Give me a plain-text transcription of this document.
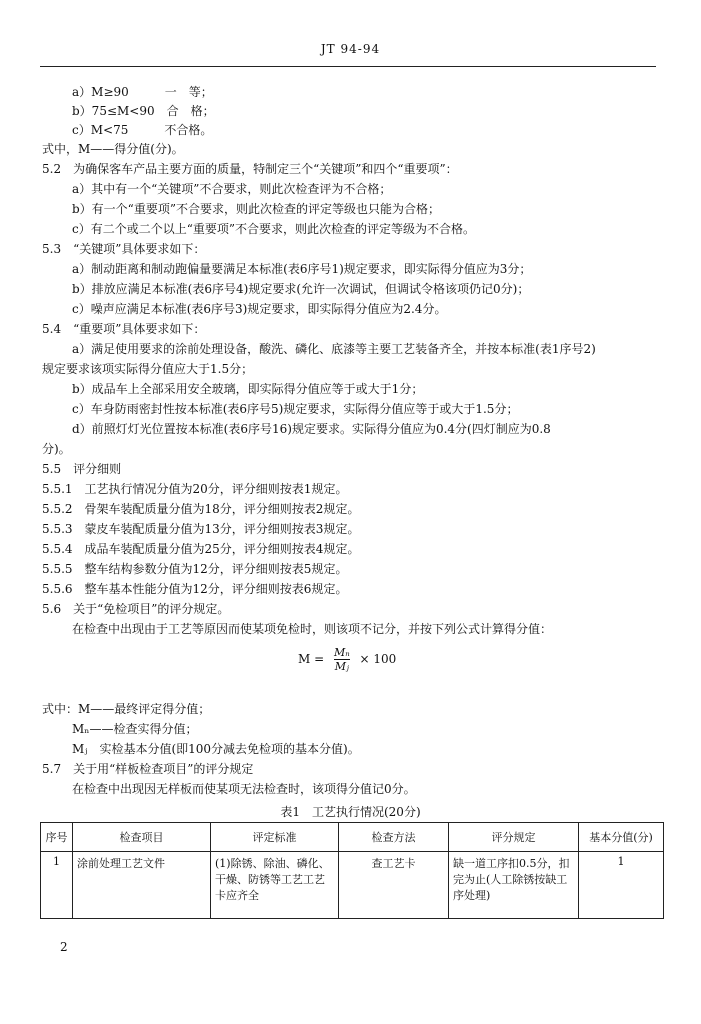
JT 94-94
a）M≥90　　　一　等；
b）75≤M<90　合　格；
c）M<75　　　不合格。
式中，M——得分值(分)。
5.2　为确保客车产品主要方面的质量，特制定三个“关键项”和四个“重要项”：
a）其中有一个“关键项”不合要求，则此次检查评为不合格；
b）有一个“重要项”不合要求，则此次检查的评定等级也只能为合格；
c）有二个或二个以上“重要项”不合要求，则此次检查的评定等级为不合格。
5.3　“关键项”具体要求如下：
a）制动距离和制动跑偏量要满足本标准(表6序号1)规定要求，即实际得分值应为3分；
b）排放应满足本标准(表6序号4)规定要求(允许一次调试，但调试令格该项仍记0分)；
c）噪声应满足本标准(表6序号3)规定要求，即实际得分值应为2.4分。
5.4　“重要项”具体要求如下：
a）满足使用要求的涂前处理设备，酸洗、磷化、底漆等主要工艺装备齐全，并按本标准(表1序号2)
规定要求该项实际得分值应大于1.5分；
b）成品车上全部采用安全玻璃，即实际得分值应等于或大于1分；
c）车身防雨密封性按本标准(表6序号5)规定要求，实际得分值应等于或大于1.5分；
d）前照灯灯光位置按本标准(表6序号16)规定要求。实际得分值应为0.4分(四灯制应为0.8
分)。
5.5　评分细则
5.5.1　工艺执行情况分值为20分，评分细则按表1规定。
5.5.2　骨架车装配质量分值为18分，评分细则按表2规定。
5.5.3　蒙皮车装配质量分值为13分，评分细则按表3规定。
5.5.4　成品车装配质量分值为25分，评分细则按表4规定。
5.5.5　整车结构参数分值为12分，评分细则按表5规定。
5.5.6　整车基本性能分值为12分，评分细则按表6规定。
5.6　关于“免检项目”的评分规定。
在检查中出现由于工艺等原因而使某项免检时，则该项不记分，并按下列公式计算得分值：
$M = \frac{\text{Mₙ}}{\text{Mⱼ}} \times 100$
式中：M——最终评定得分值；
Mₙ——检查实得分值；
Mⱼ　实检基本分值(即100分减去免检项的基本分值)。
5.7　关于用“样板检查项目”的评分规定
在检查中出现因无样板而使某项无法检查时，该项得分值记0分。
表1　工艺执行情况(20分)
序号	检查项目	评定标准	检查方法	评分规定	基本分值(分)
1	涂前处理工艺文件	(1)除锈、除油、磷化、干燥、防锈等工艺工艺卡应齐全	查工艺卡	缺一道工序扣0.5分，扣完为止(人工除锈按缺工序处理)	1
2
